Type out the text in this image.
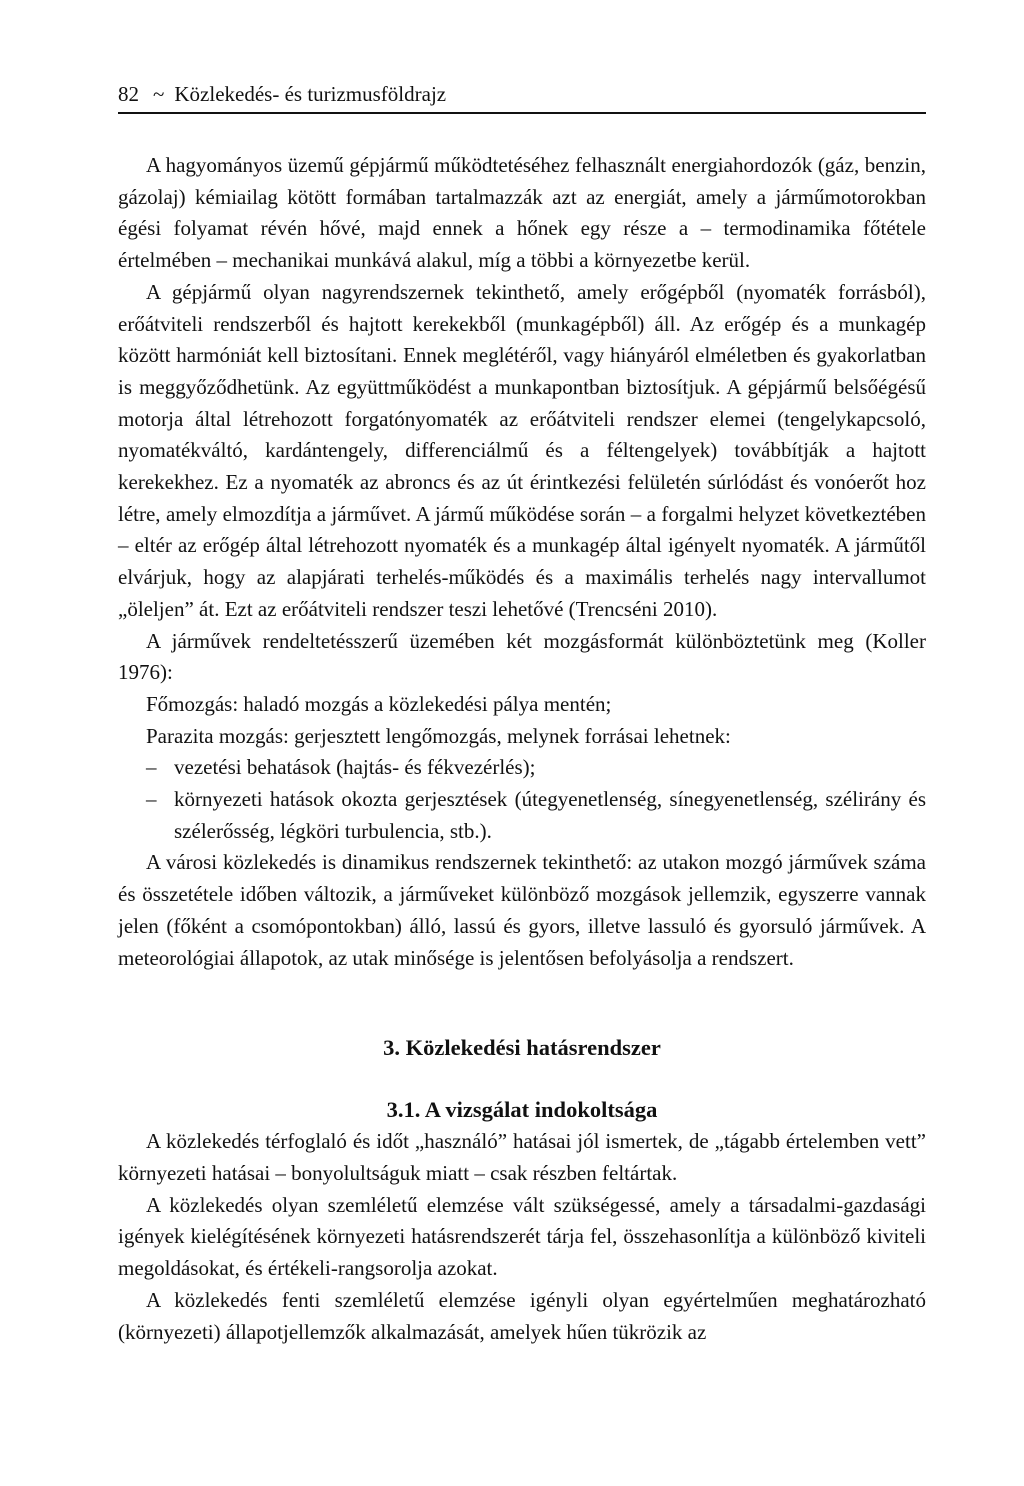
82 ~ Közlekedés- és turizmusföldrajz

A hagyományos üzemű gépjármű működtetéséhez felhasznált energiahordozók (gáz, benzin, gázolaj) kémiailag kötött formában tartalmazzák azt az energiát, amely a járműmotorokban égési folyamat révén hővé, majd ennek a hőnek egy része a – termodinamika főtétele értelmében – mechanikai munkává alakul, míg a többi a környezetbe kerül.

A gépjármű olyan nagyrendszernek tekinthető, amely erőgépből (nyomaték forrásból), erőátviteli rendszerből és hajtott kerekekből (munkagépből) áll. Az erőgép és a munkagép között harmóniát kell biztosítani. Ennek meglétéről, vagy hiányáról elméletben és gyakorlatban is meggyőződhetünk. Az együttműködést a munkapontban biztosítjuk. A gépjármű belsőégésű motorja által létrehozott forgatónyomaték az erőátviteli rendszer elemei (tengelykapcsoló, nyomatékváltó, kardántengely, differenciálmű és a féltengelyek) továbbítják a hajtott kerekekhez. Ez a nyomaték az abroncs és az út érintkezési felületén súrlódást és vonóerőt hoz létre, amely elmozdítja a járművet. A jármű működése során – a forgalmi helyzet következtében – eltér az erőgép által létrehozott nyomaték és a munkagép által igényelt nyomaték. A járműtől elvárjuk, hogy az alapjárati terhelés-működés és a maximális terhelés nagy intervallumot „öleljen” át. Ezt az erőátviteli rendszer teszi lehetővé (Trencséni 2010).

A járművek rendeltetésszerű üzemében két mozgásformát különböztetünk meg (Koller 1976):

Főmozgás: haladó mozgás a közlekedési pálya mentén;

Parazita mozgás: gerjesztett lengőmozgás, melynek forrásai lehetnek:

– vezetési behatások (hajtás- és fékvezérlés);
– környezeti hatások okozta gerjesztések (útegyenetlenség, sínegyenetlenség, szélirány és szélerősség, légköri turbulencia, stb.).

A városi közlekedés is dinamikus rendszernek tekinthető: az utakon mozgó járművek száma és összetétele időben változik, a járműveket különböző mozgások jellemzik, egyszerre vannak jelen (főként a csomópontokban) álló, lassú és gyors, illetve lassuló és gyorsuló járművek. A meteorológiai állapotok, az utak minősége is jelentősen befolyásolja a rendszert.

3. Közlekedési hatásrendszer
3.1. A vizsgálat indokoltsága

A közlekedés térfoglaló és időt „használó” hatásai jól ismertek, de „tágabb értelemben vett” környezeti hatásai – bonyolultságuk miatt – csak részben feltártak.

A közlekedés olyan szemléletű elemzése vált szükségessé, amely a társadalmi-gazdasági igények kielégítésének környezeti hatásrendszerét tárja fel, összehasonlítja a különböző kiviteli megoldásokat, és értékeli-rangsorolja azokat.

A közlekedés fenti szemléletű elemzése igényli olyan egyértelműen meghatározható (környezeti) állapotjellemzők alkalmazását, amelyek hűen tükrözik az
